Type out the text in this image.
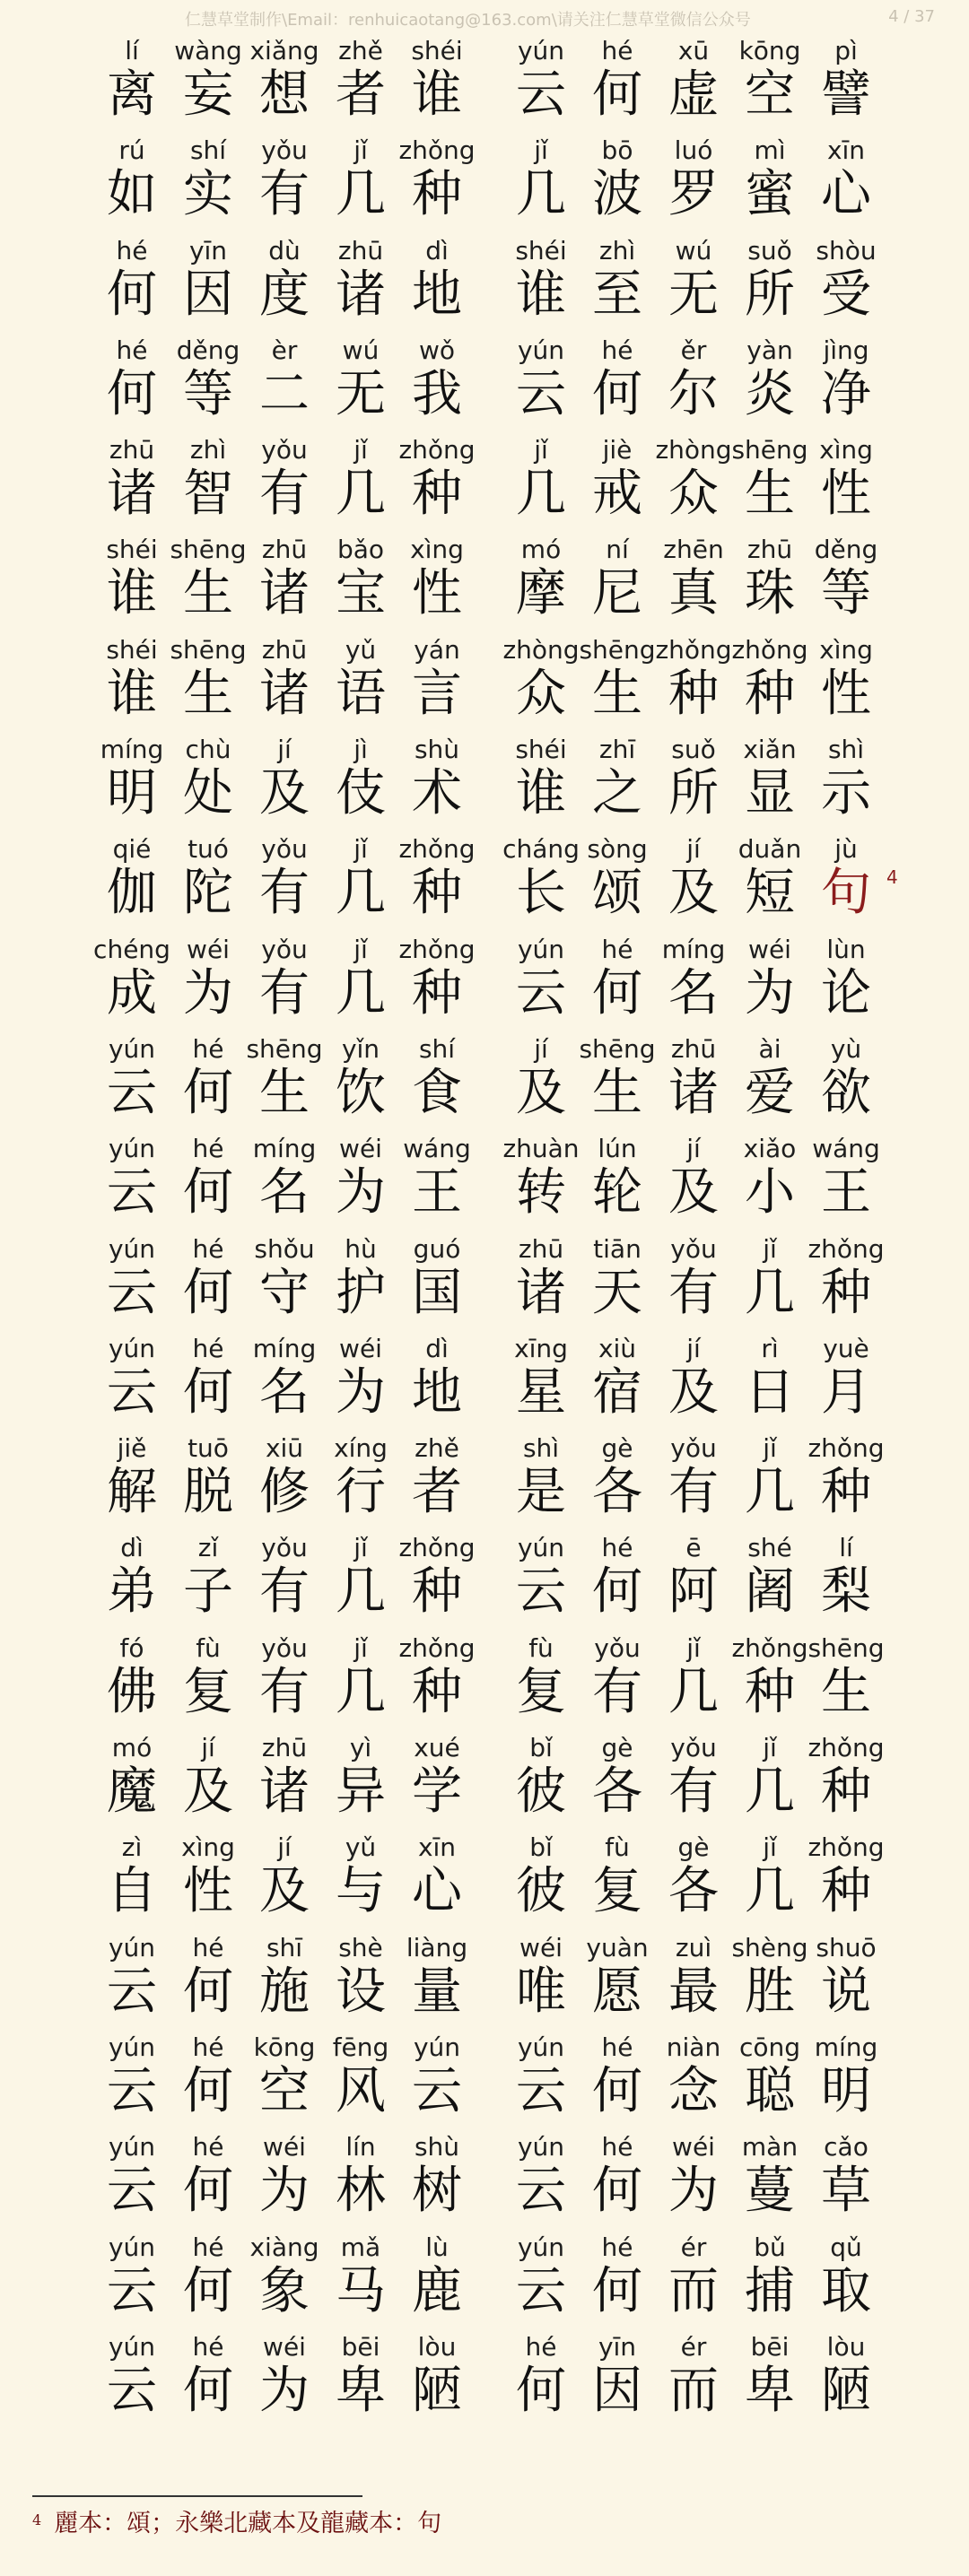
仁慧草堂制作\Email：renhuicaotang@163.com\请关注仁慧草堂微信公众号	4 / 37
lí
离
wàng
妄
xiǎng
想
zhě
者
shéi
谁
yún
云
hé
何
xū
虚
kōng
空
pì
譬
rú
如
shí
实
yǒu
有
jǐ
几
zhǒng
种
jǐ
几
bō
波
luó
罗
mì
蜜
xīn
心
hé
何
yīn
因
dù
度
zhū
诸
dì
地
shéi
谁
zhì
至
wú
无
suǒ
所
shòu
受
hé
何
děng
等
èr
二
wú
无
wǒ
我
yún
云
hé
何
ěr
尔
yàn
炎
jìng
净
zhū
诸
zhì
智
yǒu
有
jǐ
几
zhǒng
种
jǐ
几
jiè
戒
zhòng
众
shēng
生
xìng
性
shéi
谁
shēng
生
zhū
诸
bǎo
宝
xìng
性
mó
摩
ní
尼
zhēn
真
zhū
珠
děng
等
shéi
谁
shēng
生
zhū
诸
yǔ
语
yán
言
zhòng
众
shēng
生
zhǒng
种
zhǒng
种
xìng
性
míng
明
chù
处
jí
及
jì
伎
shù
术
shéi
谁
zhī
之
suǒ
所
xiǎn
显
shì
示
qié
伽
tuó
陀
yǒu
有
jǐ
几
zhǒng
种
cháng
长
sòng
颂
jí
及
duǎn
短	4
jù
句
chéng
成
wéi
为
yǒu
有
jǐ
几
zhǒng
种
yún
云
hé
何
míng
名
wéi
为
lùn
论
yún
云
hé
何
shēng
生
yǐn
饮
shí
食
jí
及
shēng
生
zhū
诸
ài
爱
yù
欲
yún
云
hé
何
míng
名
wéi
为
wáng
王
zhuàn
转
lún
轮
jí
及
xiǎo
小
wáng
王
yún
云
hé
何
shǒu
守
hù
护
guó
国
zhū
诸
tiān
天
yǒu
有
jǐ
几
zhǒng
种
yún
云
hé
何
míng
名
wéi
为
dì
地
xīng
星
xiù
宿
jí
及
rì
日
yuè
月
jiě
解
tuō
脱
xiū
修
xíng
行
zhě
者
shì
是
gè
各
yǒu
有
jǐ
几
zhǒng
种
dì
弟
zǐ
子
yǒu
有
jǐ
几
zhǒng
种
yún
云
hé
何
ē
阿
shé
阇
lí
梨
fó
佛
fù
复
yǒu
有
jǐ
几
zhǒng
种
fù
复
yǒu
有
jǐ
几
zhǒng
种
shēng
生
mó
魔
jí
及
zhū
诸
yì
异
xué
学
bǐ
彼
gè
各
yǒu
有
jǐ
几
zhǒng
种
zì
自
xìng
性
jí
及
yǔ
与
xīn
心
bǐ
彼
fù
复
gè
各
jǐ
几
zhǒng
种
yún
云
hé
何
shī
施
shè
设
liàng
量
wéi
唯
yuàn
愿
zuì
最
shèng
胜
shuō
说
yún
云
hé
何
kōng
空
fēng
风
yún
云
yún
云
hé
何
niàn
念
cōng
聪
míng
明
yún
云
hé
何
wéi
为
lín
林
shù
树
yún
云
hé
何
wéi
为
màn
蔓
cǎo
草
yún
云
hé
何
xiàng
象
mǎ
马
lù
鹿
yún
云
hé
何
ér
而
bǔ
捕
qǔ
取
yún
云
hé
何
wéi
为
bēi
卑
lòu
陋
hé
何
yīn
因
ér
而
bēi
卑
lòu
陋
$^4$ 麗本：頌；永樂北藏本及龍藏本：句
